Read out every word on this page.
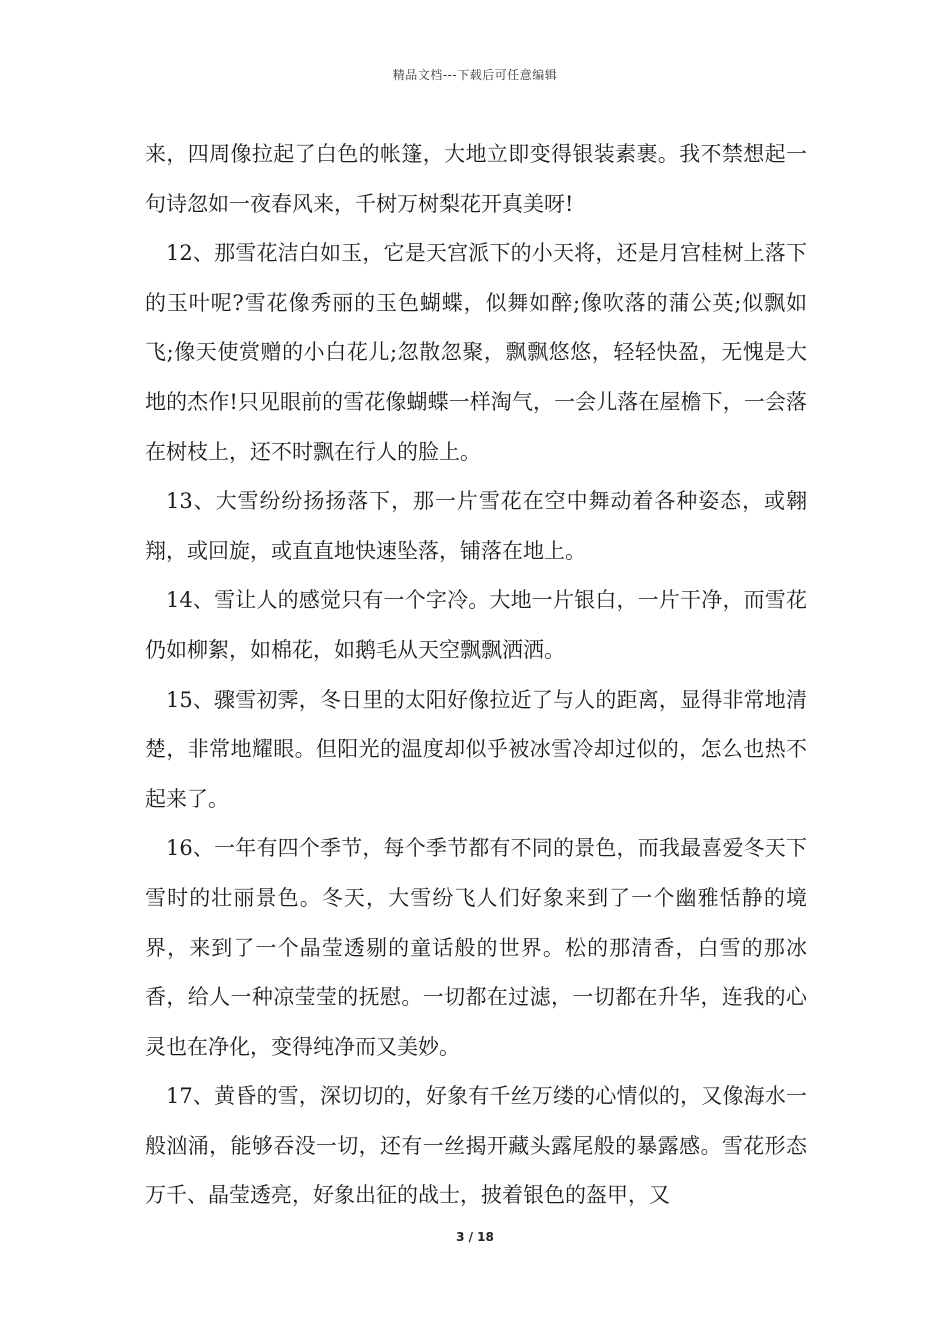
精品文档---下载后可任意编辑

来，四周像拉起了白色的帐篷，大地立即变得银装素裹。我不禁想起一句诗忽如一夜春风来，千树万树梨花开真美呀!

12、那雪花洁白如玉，它是天宫派下的小天将，还是月宫桂树上落下的玉叶呢?雪花像秀丽的玉色蝴蝶，似舞如醉;像吹落的蒲公英;似飘如飞;像天使赏赠的小白花儿;忽散忽聚，飘飘悠悠，轻轻快盈，无愧是大地的杰作!只见眼前的雪花像蝴蝶一样淘气，一会儿落在屋檐下，一会落在树枝上，还不时飘在行人的脸上。

13、大雪纷纷扬扬落下，那一片雪花在空中舞动着各种姿态，或翱翔，或回旋，或直直地快速坠落，铺落在地上。

14、雪让人的感觉只有一个字冷。大地一片银白，一片干净，而雪花仍如柳絮，如棉花，如鹅毛从天空飘飘洒洒。

15、骤雪初霁，冬日里的太阳好像拉近了与人的距离，显得非常地清楚，非常地耀眼。但阳光的温度却似乎被冰雪冷却过似的，怎么也热不起来了。

16、一年有四个季节，每个季节都有不同的景色，而我最喜爱冬天下雪时的壮丽景色。冬天，大雪纷飞人们好象来到了一个幽雅恬静的境界，来到了一个晶莹透剔的童话般的世界。松的那清香，白雪的那冰香，给人一种凉莹莹的抚慰。一切都在过滤，一切都在升华，连我的心灵也在净化，变得纯净而又美妙。

17、黄昏的雪，深切切的，好象有千丝万缕的心情似的，又像海水一般汹涌，能够吞没一切，还有一丝揭开藏头露尾般的暴露感。雪花形态万千、晶莹透亮，好象出征的战士，披着银色的盔甲，又

3 / 18
